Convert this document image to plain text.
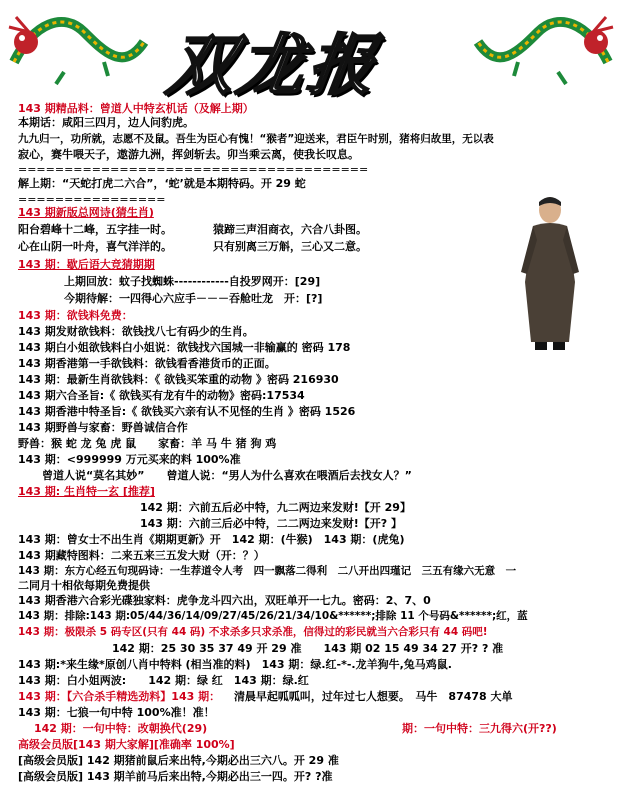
双龙报
143 期精品料：曾道人中特玄机话（及解上期）
本期话：咸阳三四月，边人问豹虎。
九九归一，功所就，志愿不及鼠。吾生为臣心有愧！“猴者”迎送来，君臣午时别，猪将归故里，无以表
寂心，赛牛喂天子，遨游九洲，挥剑斩去。卯当乘云离，使我长叹息。
======================================
解上期：“天蛇打虎二六合”，‘蛇’就是本期特码。开 29 蛇
================
143 期新版总网诗(猜生肖)
阳台碧峰十二峰，五字挂一时。	猿蹄三声泪商衣，六合八卦图。
心在山阴一叶舟，喜气洋洋的。	只有别离三万斛，三心又二意。
143 期：歇后语大竞猜期期
上期回放：蚊子找蜘蛛------------自投罗网开：[29]
今期待解：一四得心六应手－－－吞舱吐龙　开：[?]
143 期：欲钱料免费：
143 期发财欲钱料：欲钱找八七有码少的生肖。
143 期白小姐欲钱料白小姐说：欲钱找六国城一非输赢的 密码 178
143 期香港第一手欲钱料：欲钱看香港货币的正面。
143 期：最新生肖欲钱料：《 欲钱买笨重的动物 》密码 216930
143 期六合圣旨:《 欲钱买有龙有牛的动物》密码:17534
143 期香港中特圣旨:《 欲钱买六亲有认不见怪的生肖 》密码 1526
143 期野兽与家畜：野兽诚信合作
野兽：猴 蛇 龙 兔 虎 鼠　　家畜：羊 马 牛 猪 狗 鸡
143 期：<999999 万元买来的料 100%准
曾道人说“莫名其妙”　　曾道人说：“男人为什么喜欢在喂酒后去找女人？”
143 期: 生肖特一玄 [推荐]
142 期：六前五后必中特，九二两边来发财!【开 29】
143 期：六前三后必中特，二二两边来发财!【开? 】
143 期：曾女士不出生肖《期期更新》开　142 期：(牛猴)　143 期：(虎兔)
143 期藏特图料：二来五来三五发大财（开：？）
143 期：东方心经五句现码诗：一生荐道令人考　四一飘落二得利　二八开出四瑾记　三五有缘六无意　一
二同月十相依每期免费提供
143 期香港六合彩光碟独家料：虎争龙斗四六出，双旺单开一七九。密码：2、7、0
143 期：排除:143 期:05/44/36/14/09/27/45/26/21/34/10&******;排除 11 个号码&******;红，蓝
143 期：极限杀 5 码专区(只有 44 码) 不求杀多只求杀准，信得过的彩民就当六合彩只有 44 码吧!
142 期：25 30 35 37 49 开 29 准　　143 期 02 15 49 34 27 开? ? 准
143 期:*来生缘*原创八肖中特料 (相当准的料)　143 期：绿.红-*-.龙羊狗牛,兔马鸡鼠.
143 期：白小姐两波:　　142 期：绿 红　143 期：绿.红
143 期：【六合杀手精选劲料】143 期： 清晨早起呱呱叫，过年过七人想要。　马牛　87478 大单
143 期：七狼一句中特 100%准！准！
142 期：一句中特：改朝换代(29)	期：一句中特：三九得六(开??)
高级会员版[143 期大家解][准确率 100%]
[高级会员版] 142 期猪前鼠后来出特,今期必出三六八。开 29 准
[高级会员版] 143 期羊前马后来出特,今期必出三一四。开? ?准
